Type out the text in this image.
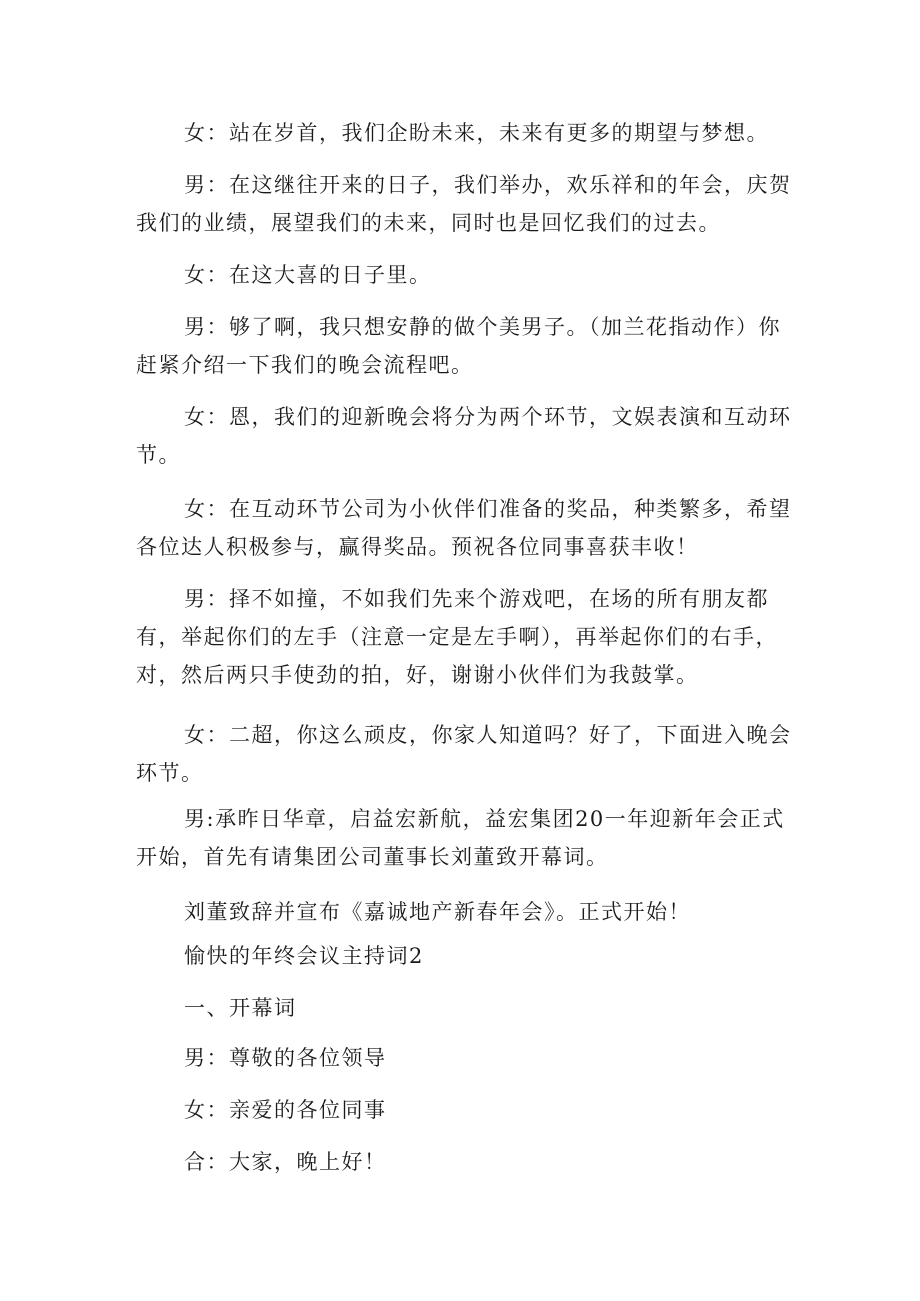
女：站在岁首，我们企盼未来，未来有更多的期望与梦想。

男：在这继往开来的日子，我们举办，欢乐祥和的年会，庆贺我们的业绩，展望我们的未来，同时也是回忆我们的过去。

女：在这大喜的日子里。

男：够了啊，我只想安静的做个美男子。（加兰花指动作）你赶紧介绍一下我们的晚会流程吧。

女：恩，我们的迎新晚会将分为两个环节，文娱表演和互动环节。

女：在互动环节公司为小伙伴们准备的奖品，种类繁多，希望各位达人积极参与，赢得奖品。预祝各位同事喜获丰收！

男：择不如撞，不如我们先来个游戏吧，在场的所有朋友都有，举起你们的左手（注意一定是左手啊），再举起你们的右手，对，然后两只手使劲的拍，好，谢谢小伙伴们为我鼓掌。

女：二超，你这么顽皮，你家人知道吗？好了，下面进入晚会环节。

男:承昨日华章，启益宏新航，益宏集团20一年迎新年会正式开始，首先有请集团公司董事长刘董致开幕词。

刘董致辞并宣布《嘉诚地产新春年会》。正式开始！

愉快的年终会议主持词2

一、开幕词

男：尊敬的各位领导

女：亲爱的各位同事

合：大家，晚上好！
